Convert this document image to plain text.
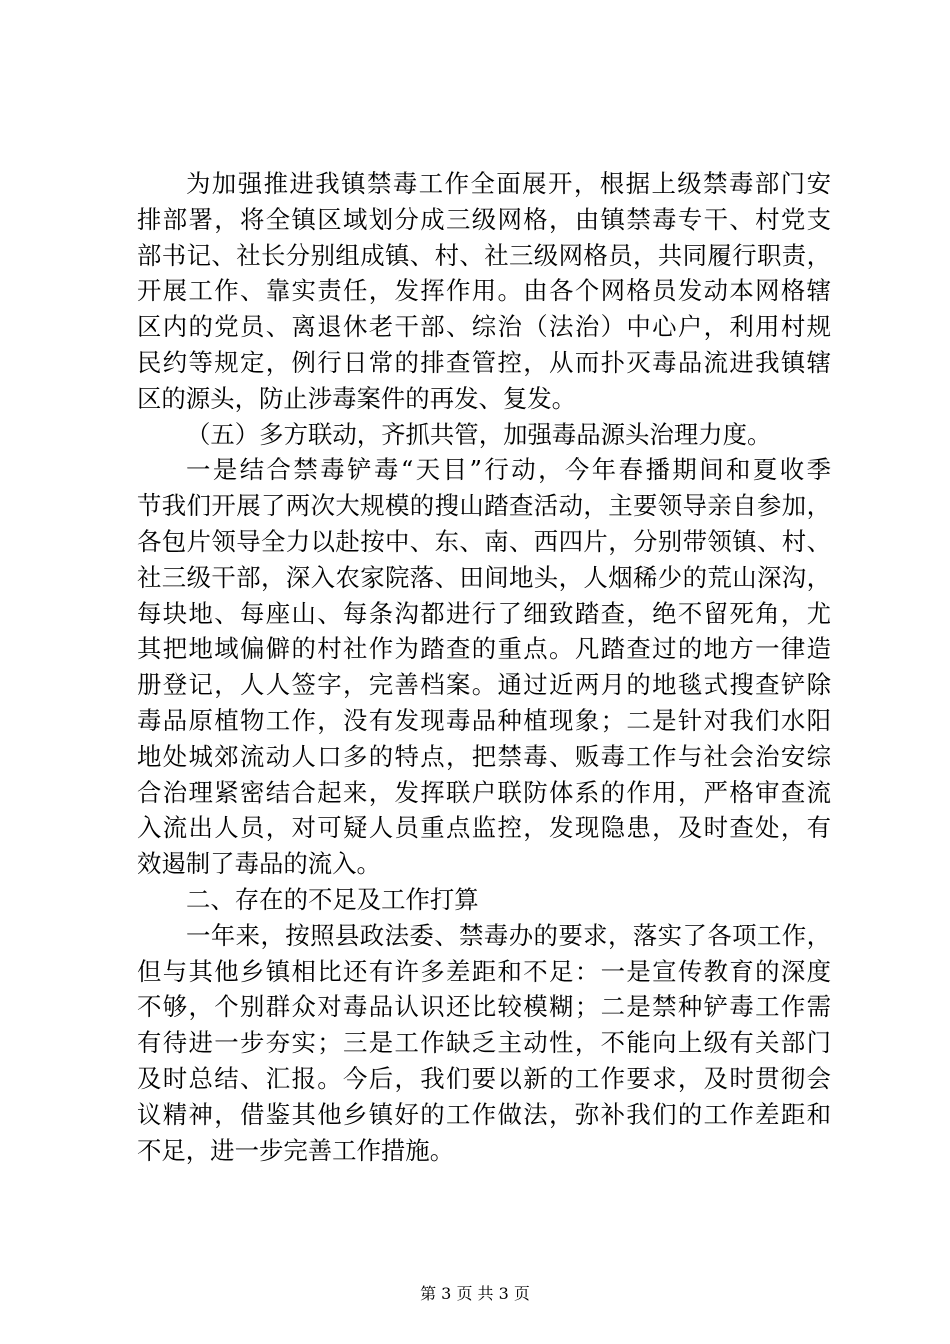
为加强推进我镇禁毒工作全面展开，根据上级禁毒部门安
排部署，将全镇区域划分成三级网格，由镇禁毒专干、村党支
部书记、社长分别组成镇、村、社三级网格员，共同履行职责，
开展工作、靠实责任，发挥作用。由各个网格员发动本网格辖
区内的党员、离退休老干部、综治（法治）中心户，利用村规
民约等规定，例行日常的排查管控，从而扑灭毒品流进我镇辖
区的源头，防止涉毒案件的再发、复发。
（五）多方联动，齐抓共管，加强毒品源头治理力度。
一是结合禁毒铲毒“天目”行动，今年春播期间和夏收季
节我们开展了两次大规模的搜山踏查活动，主要领导亲自参加，
各包片领导全力以赴按中、东、南、西四片，分别带领镇、村、
社三级干部，深入农家院落、田间地头，人烟稀少的荒山深沟，
每块地、每座山、每条沟都进行了细致踏查，绝不留死角，尤
其把地域偏僻的村社作为踏查的重点。凡踏查过的地方一律造
册登记，人人签字，完善档案。通过近两月的地毯式搜查铲除
毒品原植物工作，没有发现毒品种植现象；二是针对我们水阳
地处城郊流动人口多的特点，把禁毒、贩毒工作与社会治安综
合治理紧密结合起来，发挥联户联防体系的作用，严格审查流
入流出人员，对可疑人员重点监控，发现隐患，及时查处，有
效遏制了毒品的流入。
二、存在的不足及工作打算
一年来，按照县政法委、禁毒办的要求，落实了各项工作，
但与其他乡镇相比还有许多差距和不足：一是宣传教育的深度
不够，个别群众对毒品认识还比较模糊；二是禁种铲毒工作需
有待进一步夯实；三是工作缺乏主动性，不能向上级有关部门
及时总结、汇报。今后，我们要以新的工作要求，及时贯彻会
议精神，借鉴其他乡镇好的工作做法，弥补我们的工作差距和
不足，进一步完善工作措施。
第 3 页 共 3 页
